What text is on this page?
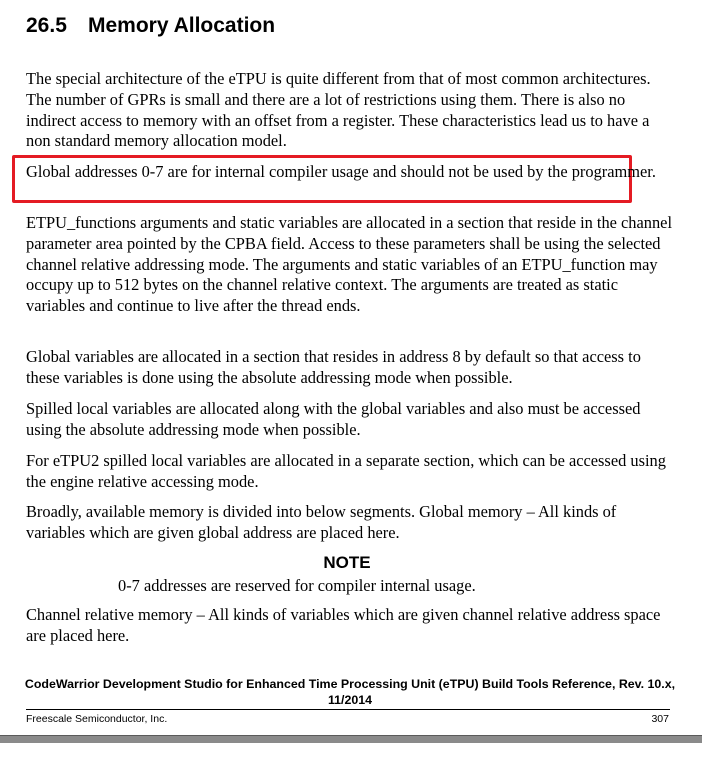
26.5 Memory Allocation

The special architecture of the eTPU is quite different from that of most common architectures. The number of GPRs is small and there are a lot of restrictions using them. There is also no indirect access to memory with an offset from a register. These characteristics lead us to have a non standard memory allocation model.

Global addresses 0-7 are for internal compiler usage and should not be used by the programmer.

ETPU_functions arguments and static variables are allocated in a section that reside in the channel parameter area pointed by the CPBA field. Access to these parameters shall be using the selected channel relative addressing mode. The arguments and static variables of an ETPU_function may occupy up to 512 bytes on the channel relative context. The arguments are treated as static variables and continue to live after the thread ends.

Global variables are allocated in a section that resides in address 8 by default so that access to these variables is done using the absolute addressing mode when possible.

Spilled local variables are allocated along with the global variables and also must be accessed using the absolute addressing mode when possible.

For eTPU2 spilled local variables are allocated in a separate section, which can be accessed using the engine relative accessing mode.

Broadly, available memory is divided into below segments. Global memory – All kinds of variables which are given global address are placed here.

NOTE
0-7 addresses are reserved for compiler internal usage.

Channel relative memory – All kinds of variables which are given channel relative address space are placed here.

CodeWarrior Development Studio for Enhanced Time Processing Unit (eTPU) Build Tools Reference, Rev. 10.x, 11/2014
Freescale Semiconductor, Inc.	307
